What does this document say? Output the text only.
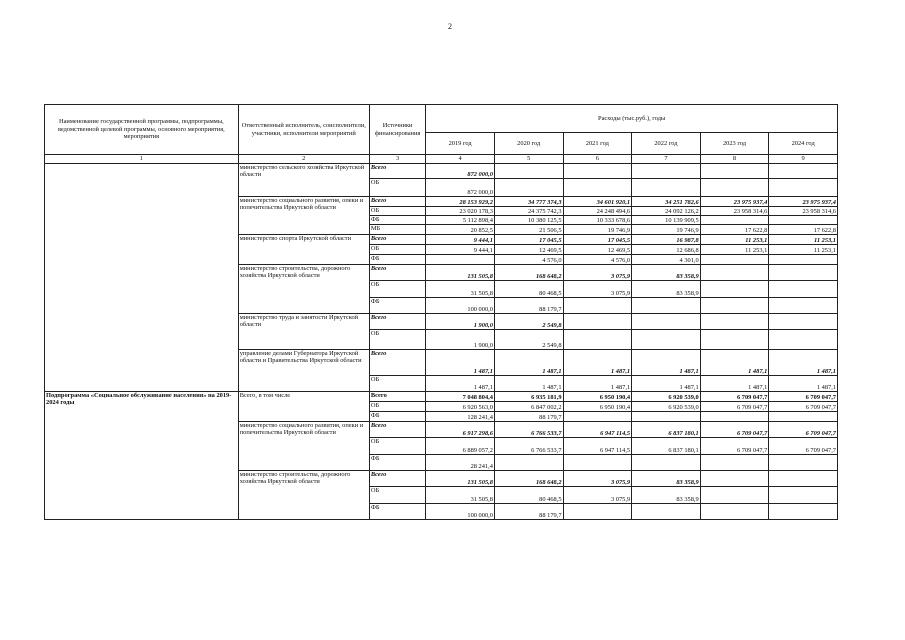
2
Наименование государственной программы, подпрограммы, ведомственной целевой программы, основного мероприятия, мероприятия	Ответственный исполнитель, соисполнители, участники, исполнители мероприятий	Источники финансирования	Расходы (тыс.руб.), годы					
			2019 год	2020 год	2021 год	2022 год	2023 год	2024 год
1	2	3	4	5	6	7	8	9
	министерство сельского хозяйства Иркутской области	Всего	872 000,0					
		ОБ	872 000,0					
	министерство социального развития, опеки и попечительства Иркутской области	Всего	28 153 929,2	34 777 374,3	34 601 920,1	34 251 782,6	23 975 937,4	23 975 937,4
		ОБ	23 020 178,3	24 375 742,3	24 248 494,6	24 092 126,2	23 958 314,6	23 958 314,6
		ФБ	5 112 898,4	10 380 125,5	10 333 678,6	10 139 909,5		
		МБ	20 852,5	21 506,5	19 746,9	19 746,9	17 622,8	17 622,8
	министерство спорта Иркутской области	Всего	9 444,1	17 045,5	17 045,5	16 987,8	11 253,1	11 253,1
		ОБ	9 444,1	12 469,5	12 469,5	12 686,8	11 253,1	11 253,1
		ФБ		4 576,0	4 576,0	4 301,0		
	министерство строительства, дорожного хозяйства Иркутской области	Всего	131 505,8	168 648,2	3 075,9	83 358,9		
		ОБ	31 505,8	80 468,5	3 075,9	83 358,9		
		ФБ	100 000,0	88 179,7				
	министерство труда и занятости Иркутской области	Всего	1 900,0	2 549,8				
		ОБ	1 900,0	2 549,8				
	управление делами Губернатора Иркутской области и Правительства Иркутской области	Всего	1 487,1	1 487,1	1 487,1	1 487,1	1 487,1	1 487,1
		ОБ	1 487,1	1 487,1	1 487,1	1 487,1	1 487,1	1 487,1
Подпрограмма «Социальное обслуживание населения» на 2019-2024 годы	Всего, в том числе	Всего	7 048 804,4	6 935 181,9	6 950 190,4	6 920 539,0	6 709 047,7	6 709 047,7
		ОБ	6 920 563,0	6 847 002,2	6 950 190,4	6 920 539,0	6 709 047,7	6 709 047,7
		ФБ	128 241,4	88 179,7				
	министерство социального развития, опеки и попечительства Иркутской области	Всего	6 917 298,6	6 766 533,7	6 947 114,5	6 837 180,1	6 709 047,7	6 709 047,7
		ОБ	6 889 057,2	6 766 533,7	6 947 114,5	6 837 180,1	6 709 047,7	6 709 047,7
		ФБ	28 241,4					
	министерство строительства, дорожного хозяйства Иркутской области	Всего	131 505,8	168 648,2	3 075,9	83 358,9		
		ОБ	31 505,8	80 468,5	3 075,9	83 358,9		
		ФБ	100 000,0	88 179,7				
